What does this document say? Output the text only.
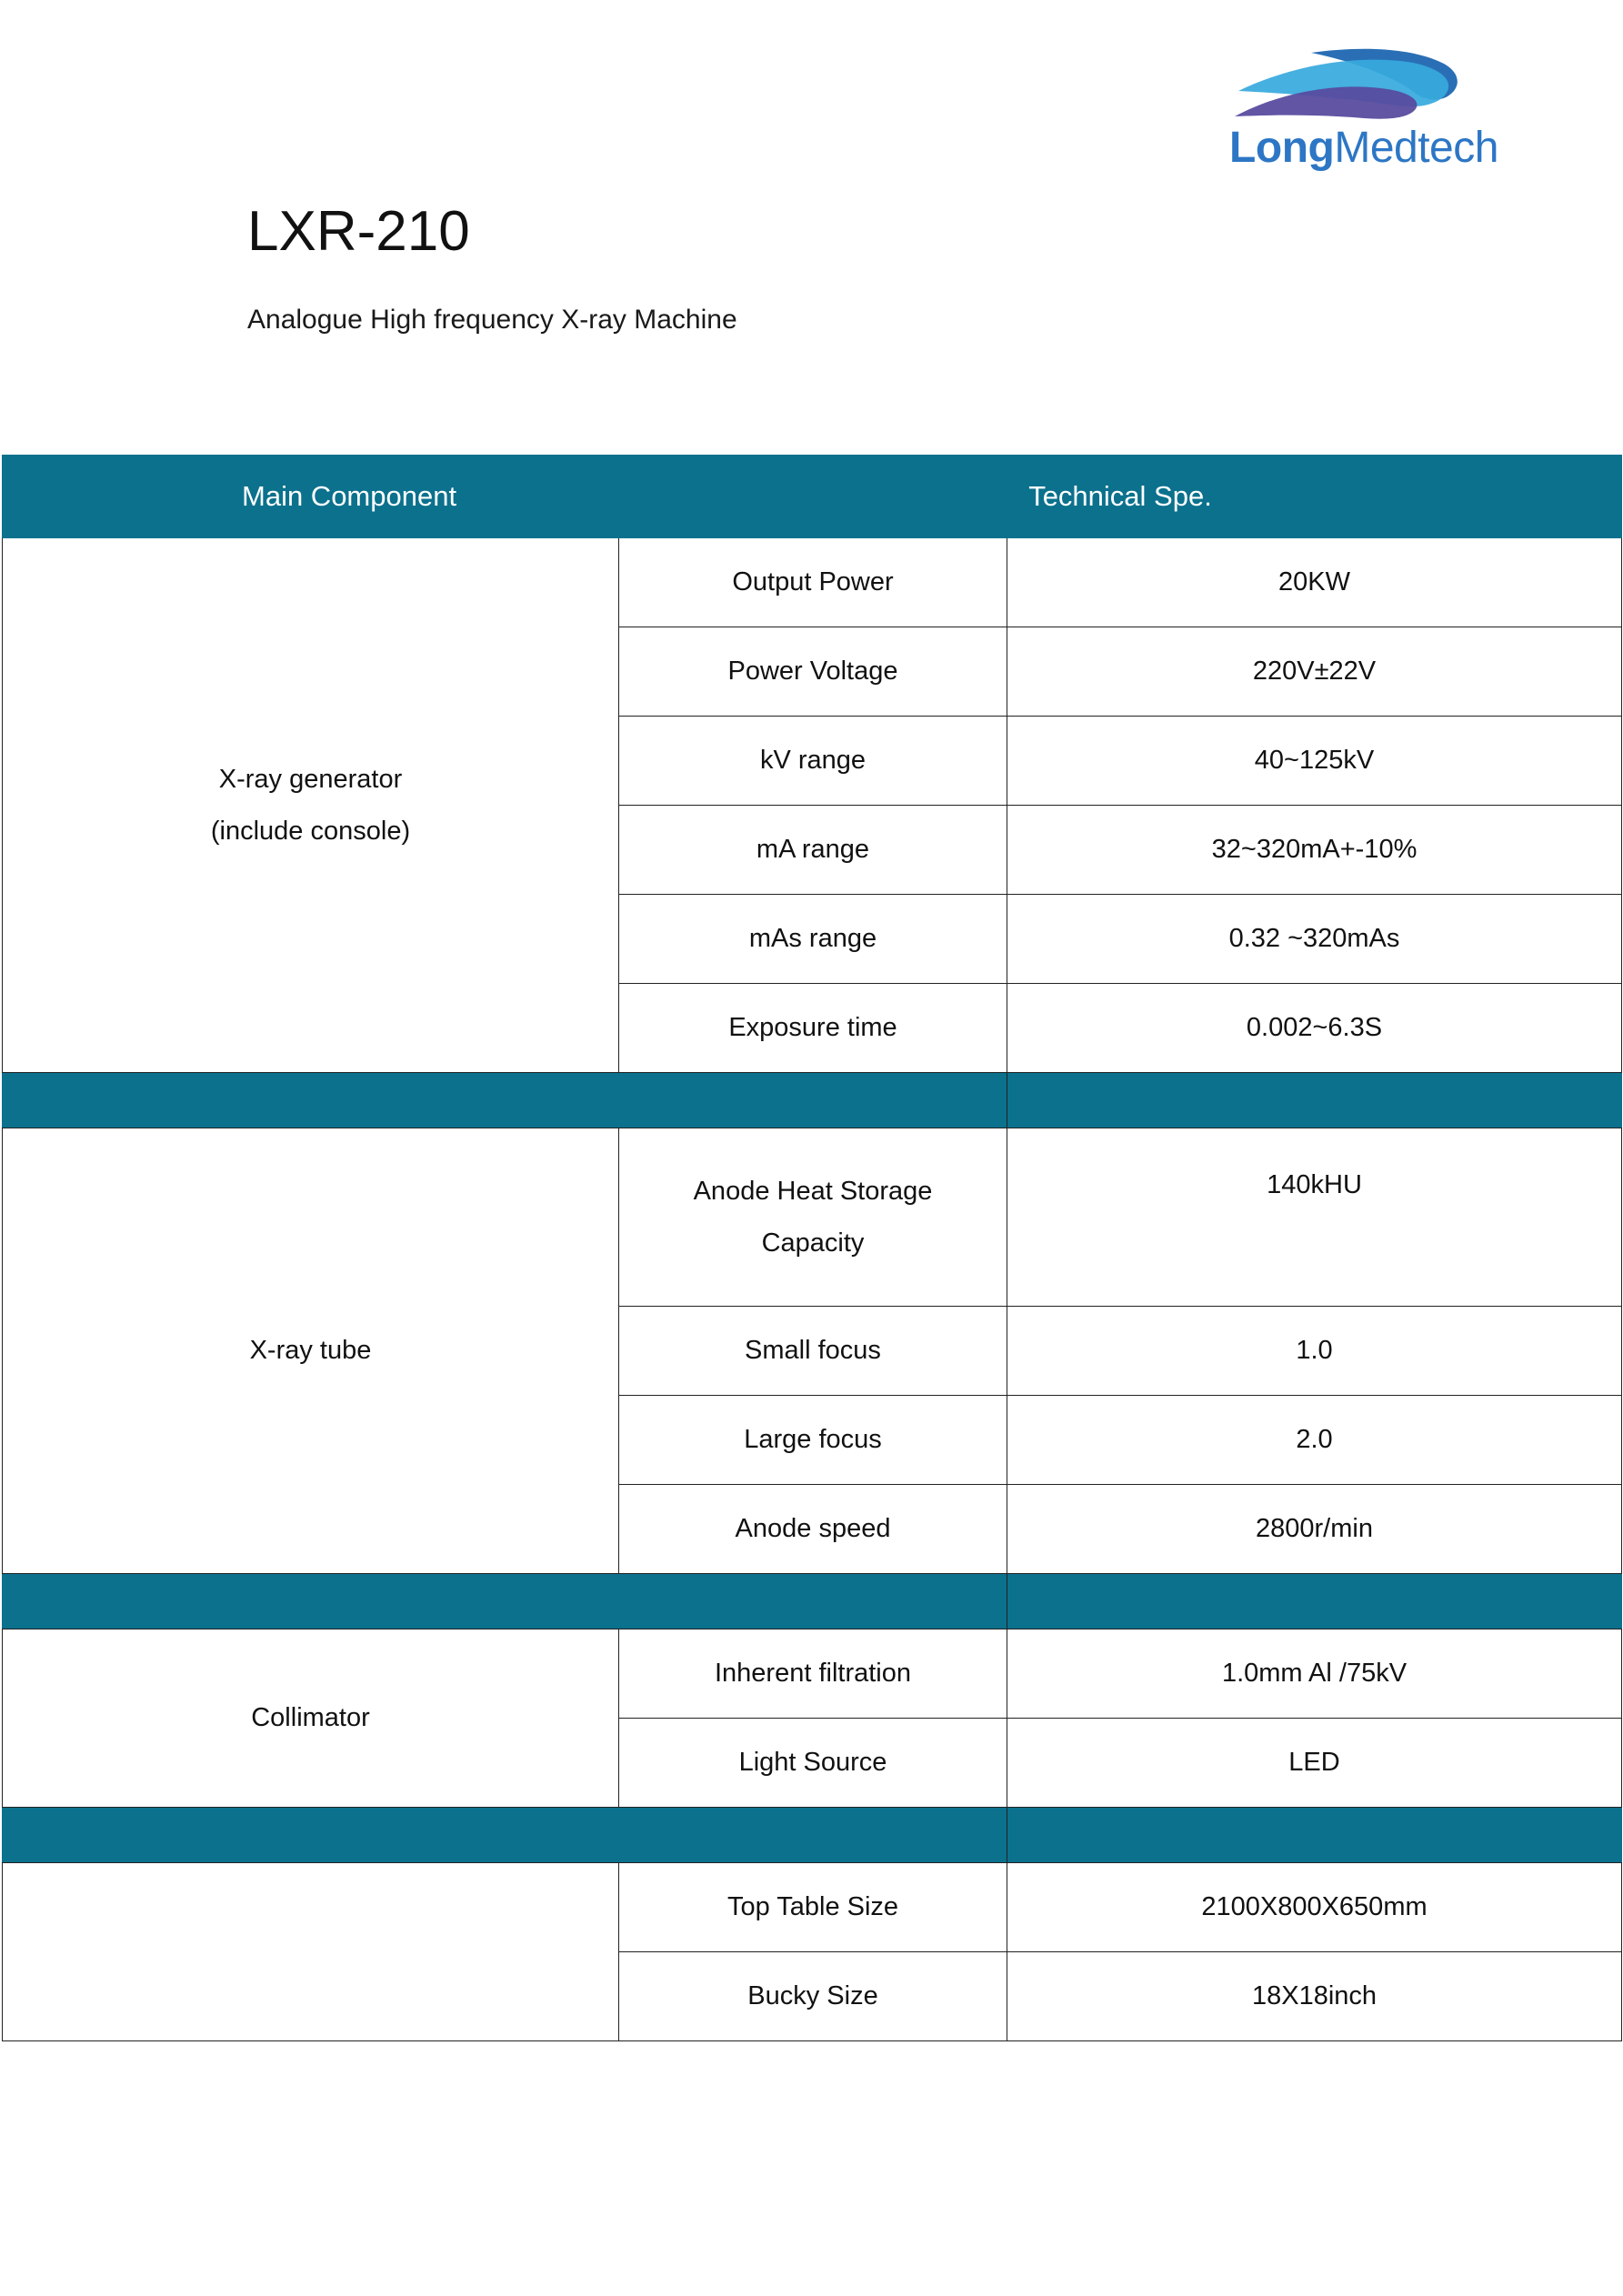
LongMedtech
LXR-210

Analogue High frequency X-ray Machine

Main Component	Technical Spe.	

X-ray generator
(include console)	Output Power	20KW
	Power Voltage	220V±22V
	kV range	40~125kV
	mA range	32~320mA+-10%
	mAs range	0.32 ~320mAs
	Exposure time	0.002~6.3S

X-ray tube	Anode Heat Storage
Capacity	140kHU
	Small focus	1.0
	Large focus	2.0
	Anode speed	2800r/min

Collimator	Inherent filtration	1.0mm Al /75kV
	Light Source	LED

	Top Table Size	2100X800X650mm
	Bucky Size	18X18inch
